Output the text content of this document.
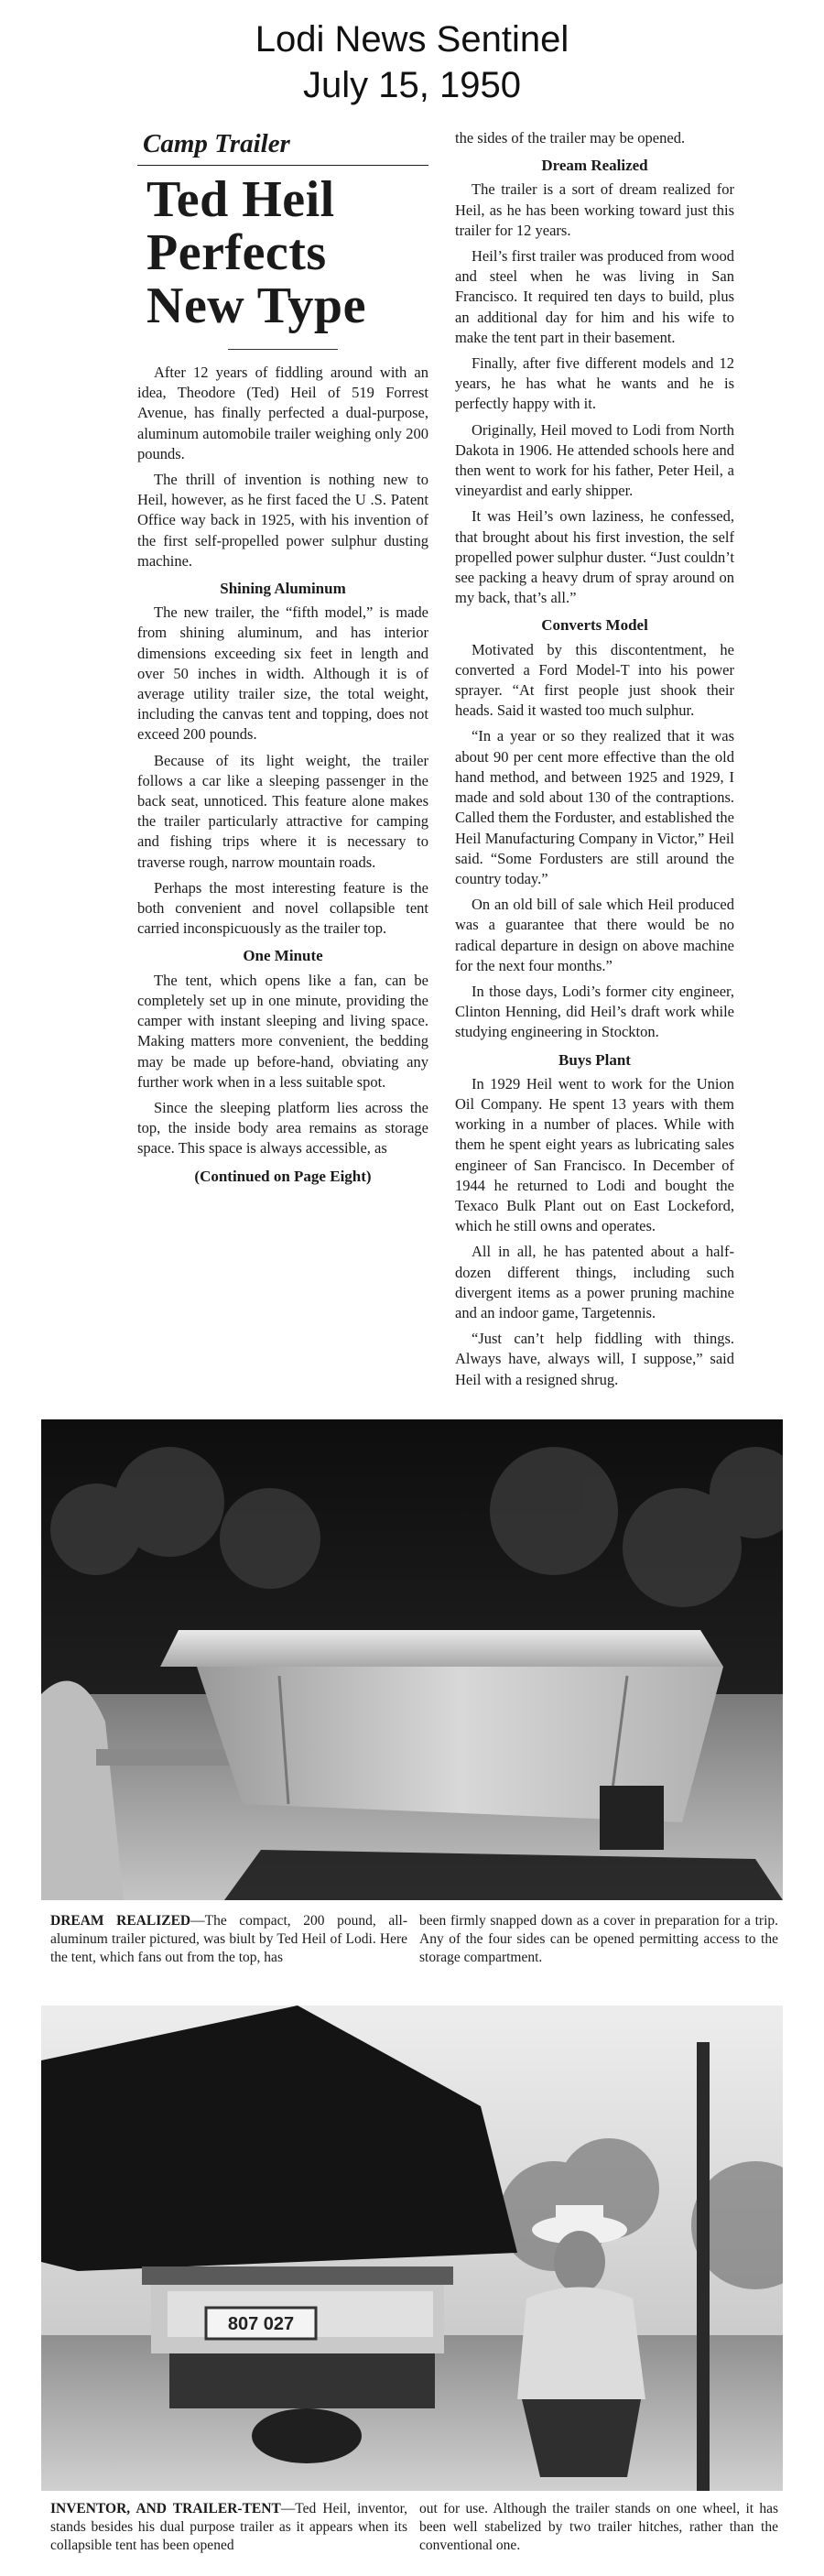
Lodi News Sentinel
July 15, 1950
Camp Trailer
Ted Heil
Perfects
New Type

After 12 years of fiddling around with an idea, Theodore (Ted) Heil of 519 Forrest Avenue, has finally perfected a dual-purpose, aluminum automobile trailer weighing only 200 pounds.

The thrill of invention is nothing new to Heil, however, as he first faced the U .S. Patent Office way back in 1925, with his invention of the first self-propelled power sulphur dusting machine.

Shining Aluminum

The new trailer, the “fifth model,” is made from shining aluminum, and has interior dimensions exceeding six feet in length and over 50 inches in width. Although it is of average utility trailer size, the total weight, including the canvas tent and topping, does not exceed 200 pounds.

Because of its light weight, the trailer follows a car like a sleeping passenger in the back seat, unnoticed. This feature alone makes the trailer particularly attractive for camping and fishing trips where it is necessary to traverse rough, narrow mountain roads.

Perhaps the most interesting feature is the both convenient and novel collapsible tent carried inconspicuously as the trailer top.

One Minute

The tent, which opens like a fan, can be completely set up in one minute, providing the camper with instant sleeping and living space. Making matters more convenient, the bedding may be made up before-hand, obviating any further work when in a less suitable spot.

Since the sleeping platform lies across the top, the inside body area remains as storage space. This space is always accessible, as

(Continued on Page Eight)

the sides of the trailer may be opened.

Dream Realized

The trailer is a sort of dream realized for Heil, as he has been working toward just this trailer for 12 years.

Heil’s first trailer was produced from wood and steel when he was living in San Francisco. It required ten days to build, plus an additional day for him and his wife to make the tent part in their basement.

Finally, after five different models and 12 years, he has what he wants and he is perfectly happy with it.

Originally, Heil moved to Lodi from North Dakota in 1906. He attended schools here and then went to work for his father, Peter Heil, a vineyardist and early shipper.

It was Heil’s own laziness, he confessed, that brought about his first investion, the self propelled power sulphur duster. “Just couldn’t see packing a heavy drum of spray around on my back, that’s all.”

Converts Model

Motivated by this discontentment, he converted a Ford Model-T into his power sprayer. “At first people just shook their heads. Said it wasted too much sulphur.

“In a year or so they realized that it was about 90 per cent more effective than the old hand method, and between 1925 and 1929, I made and sold about 130 of the contraptions. Called them the Forduster, and established the Heil Manufacturing Company in Victor,” Heil said. “Some Fordusters are still around the country today.”

On an old bill of sale which Heil produced was a guarantee that there would be no radical departure in design on above machine for the next four months.”

In those days, Lodi’s former city engineer, Clinton Henning, did Heil’s draft work while studying engineering in Stockton.

Buys Plant

In 1929 Heil went to work for the Union Oil Company. He spent 13 years with them working in a number of places. While with them he spent eight years as lubricating sales engineer of San Francisco. In December of 1944 he returned to Lodi and bought the Texaco Bulk Plant out on East Lockeford, which he still owns and operates.

All in all, he has patented about a half-dozen different things, including such divergent items as a power pruning machine and an indoor game, Targetennis.

“Just can’t help fiddling with things. Always have, always will, I suppose,” said Heil with a resigned shrug.

DREAM REALIZED—The compact, 200 pound, all-aluminum trailer pictured, was biult by Ted Heil of Lodi. Here the tent, which fans out from the top, has
been firmly snapped down as a cover in preparation for a trip. Any of the four sides can be opened permitting access to the storage compartment.
807 027
INVENTOR, AND TRAILER-TENT—Ted Heil, inventor, stands besides his dual purpose trailer as it appears when its collapsible tent has been opened
out for use. Although the trailer stands on one wheel, it has been well stabelized by two trailer hitches, rather than the conventional one.
